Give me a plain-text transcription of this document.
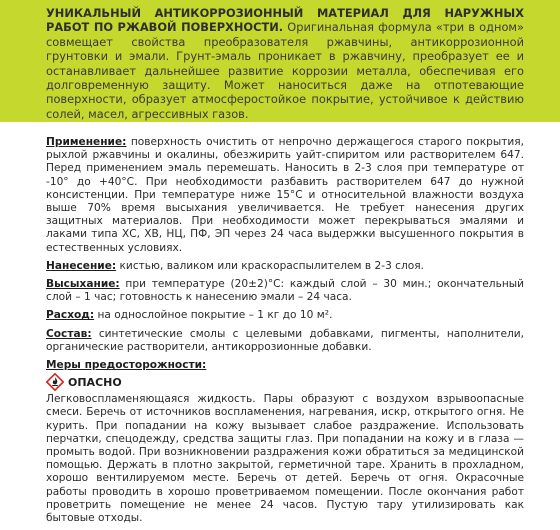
УНИКАЛЬНЫЙ АНТИКОРРОЗИОННЫЙ МАТЕРИАЛ ДЛЯ НАРУЖНЫХ РАБОТ ПО РЖАВОЙ ПОВЕРХНОСТИ. Оригинальная формула «три в одном» совмещает свойства преобразователя ржавчины, антикоррозионной грунтовки и эмали. Грунт-эмаль проникает в ржавчину, преобразует ее и останавливает дальнейшее развитие коррозии металла, обеспечивая его долговременную защиту. Может наноситься даже на отпотевающие поверхности, образует атмосферостойкое покрытие, устойчивое к действию солей, масел, агрессивных газов.

Применение: поверхность очистить от непрочно держащегося старого покрытия, рыхлой ржавчины и окалины, обезжирить уайт-спиритом или растворителем 647. Перед применением эмаль перемешать. Наносить в 2-3 слоя при температуре от -10° до +40°С. При необходимости разбавить растворителем 647 до нужной консистенции. При температуре ниже 15°С и относительной влажности воздуха выше 70% время высыхания увеличивается. Не требует нанесения других защитных материалов. При необходимости может перекрываться эмалями и лаками типа ХС, ХВ, НЦ, ПФ, ЭП через 24 часа выдержки высушенного покрытия в естественных условиях.

Нанесение: кистью, валиком или краскораспылителем в 2-3 слоя.

Высыхание: при температуре (20±2)°С: каждый слой – 30 мин.; окончательный слой – 1 час; готовность к нанесению эмали – 24 часа.

Расход: на однослойное покрытие – 1 кг до 10 м².

Состав: синтетические смолы с целевыми добавками, пигменты, наполнители, органические растворители, антикоррозионные добавки.

Меры предосторожности:

ОПАСНО

Легковоспламеняющаяся жидкость. Пары образуют с воздухом взрывоопасные смеси. Беречь от источников воспламенения, нагревания, искр, открытого огня. Не курить. При попадании на кожу вызывает слабое раздражение. Использовать перчатки, спецодежду, средства защиты глаз. При попадании на кожу и в глаза — промыть водой. При возникновении раздражения кожи обратиться за медицинской помощью. Держать в плотно закрытой, герметичной таре. Хранить в прохладном, хорошо вентилируемом месте. Беречь от детей. Беречь от огня. Окрасочные работы проводить в хорошо проветриваемом помещении. После окончания работ проветрить помещение не менее 24 часов. Пустую тару утилизировать как бытовые отходы.
